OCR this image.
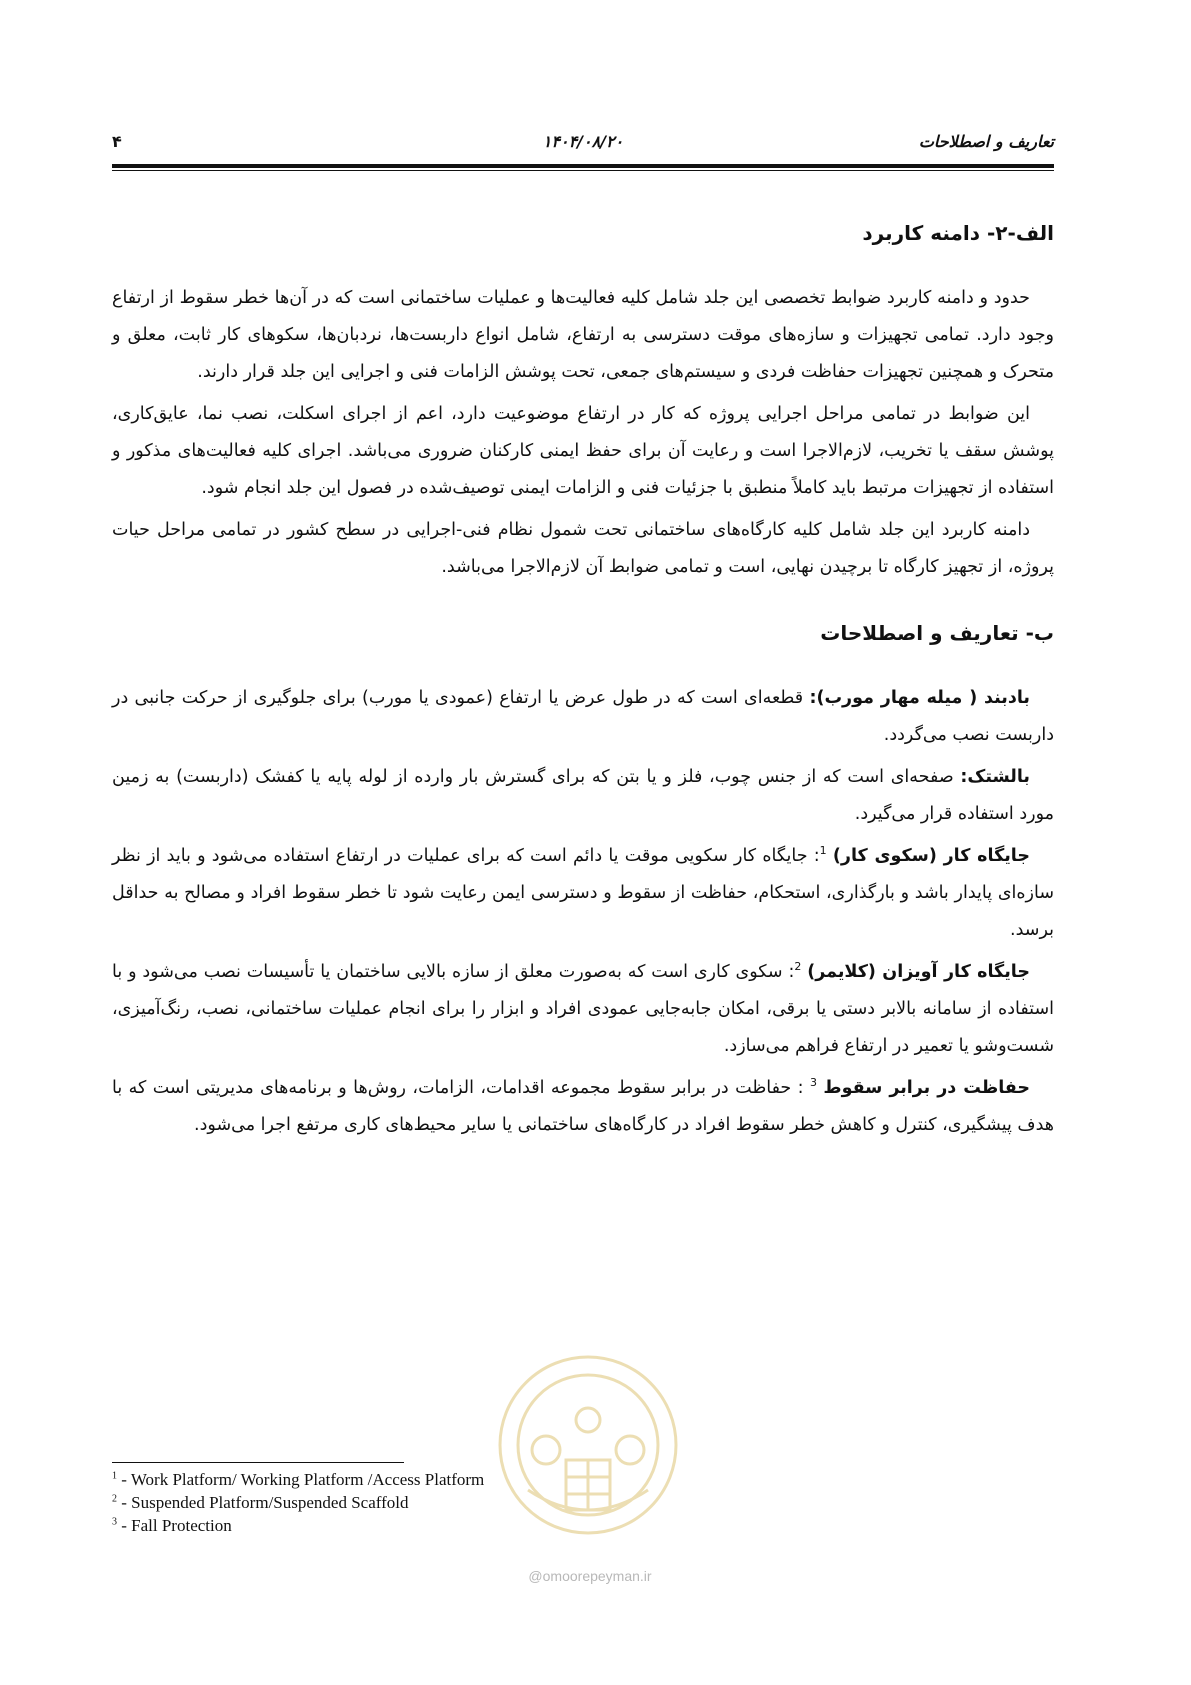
تعاریف و اصطلاحات
۱۴۰۴/۰۸/۲۰
۴
الف-۲- دامنه کاربرد

حدود و دامنه کاربرد ضوابط تخصصی این جلد شامل کلیه فعالیت‌ها و عملیات ساختمانی است که در آن‌ها خطر سقوط از ارتفاع وجود دارد. تمامی تجهیزات و سازه‌های موقت دسترسی به ارتفاع، شامل انواع داربست‌ها، نردبان‌ها، سکوهای کار ثابت، معلق و متحرک و همچنین تجهیزات حفاظت فردی و سیستم‌های جمعی، تحت پوشش الزامات فنی و اجرایی این جلد قرار دارند.

این ضوابط در تمامی مراحل اجرایی پروژه که کار در ارتفاع موضوعیت دارد، اعم از اجرای اسکلت، نصب نما، عایق‌کاری، پوشش سقف یا تخریب، لازم‌الاجرا است و رعایت آن برای حفظ ایمنی کارکنان ضروری می‌باشد. اجرای کلیه فعالیت‌های مذکور و استفاده از تجهیزات مرتبط باید کاملاً منطبق با جزئیات فنی و الزامات ایمنی توصیف‌شده در فصول این جلد انجام شود.

دامنه کاربرد این جلد شامل کلیه کارگاه‌های ساختمانی تحت شمول نظام فنی-اجرایی در سطح کشور در تمامی مراحل حیات پروژه، از تجهیز کارگاه تا برچیدن نهایی، است و تمامی ضوابط آن لازم‌الاجرا می‌باشد.

ب- تعاریف و اصطلاحات

بادبند ( میله مهار مورب): قطعه‌ای است که در طول عرض یا ارتفاع (عمودی یا مورب) برای جلوگیری از حرکت جانبی در داربست نصب می‌گردد.

بالشتک: صفحه‌ای است که از جنس چوب، فلز و یا بتن که برای گسترش بار وارده از لوله پایه یا کفشک (داربست) به زمین مورد استفاده قرار می‌گیرد.

جایگاه کار (سکوی کار) $^1$: جایگاه کار سکویی موقت یا دائم است که برای عملیات در ارتفاع استفاده می‌شود و باید از نظر سازه‌ای پایدار باشد و بارگذاری، استحکام، حفاظت از سقوط و دسترسی ایمن رعایت شود تا خطر سقوط افراد و مصالح به حداقل برسد.

جایگاه کار آویزان (کلایمر) $^2$: سکوی کاری است که به‌صورت معلق از سازه بالایی ساختمان یا تأسیسات نصب می‌شود و با استفاده از سامانه بالابر دستی یا برقی، امکان جابه‌جایی عمودی افراد و ابزار را برای انجام عملیات ساختمانی، نصب، رنگ‌آمیزی، شست‌وشو یا تعمیر در ارتفاع فراهم می‌سازد.

حفاظت در برابر سقوط $^3$ : حفاظت در برابر سقوط مجموعه اقدامات، الزامات، روش‌ها و برنامه‌های مدیریتی است که با هدف پیشگیری، کنترل و کاهش خطر سقوط افراد در کارگاه‌های ساختمانی یا سایر محیط‌های کاری مرتفع اجرا می‌شود.

@omoorepeyman.ir
$^1$ - Work Platform/ Working Platform /Access Platform
$^2$ - Suspended Platform/Suspended Scaffold
$^3$ - Fall Protection
